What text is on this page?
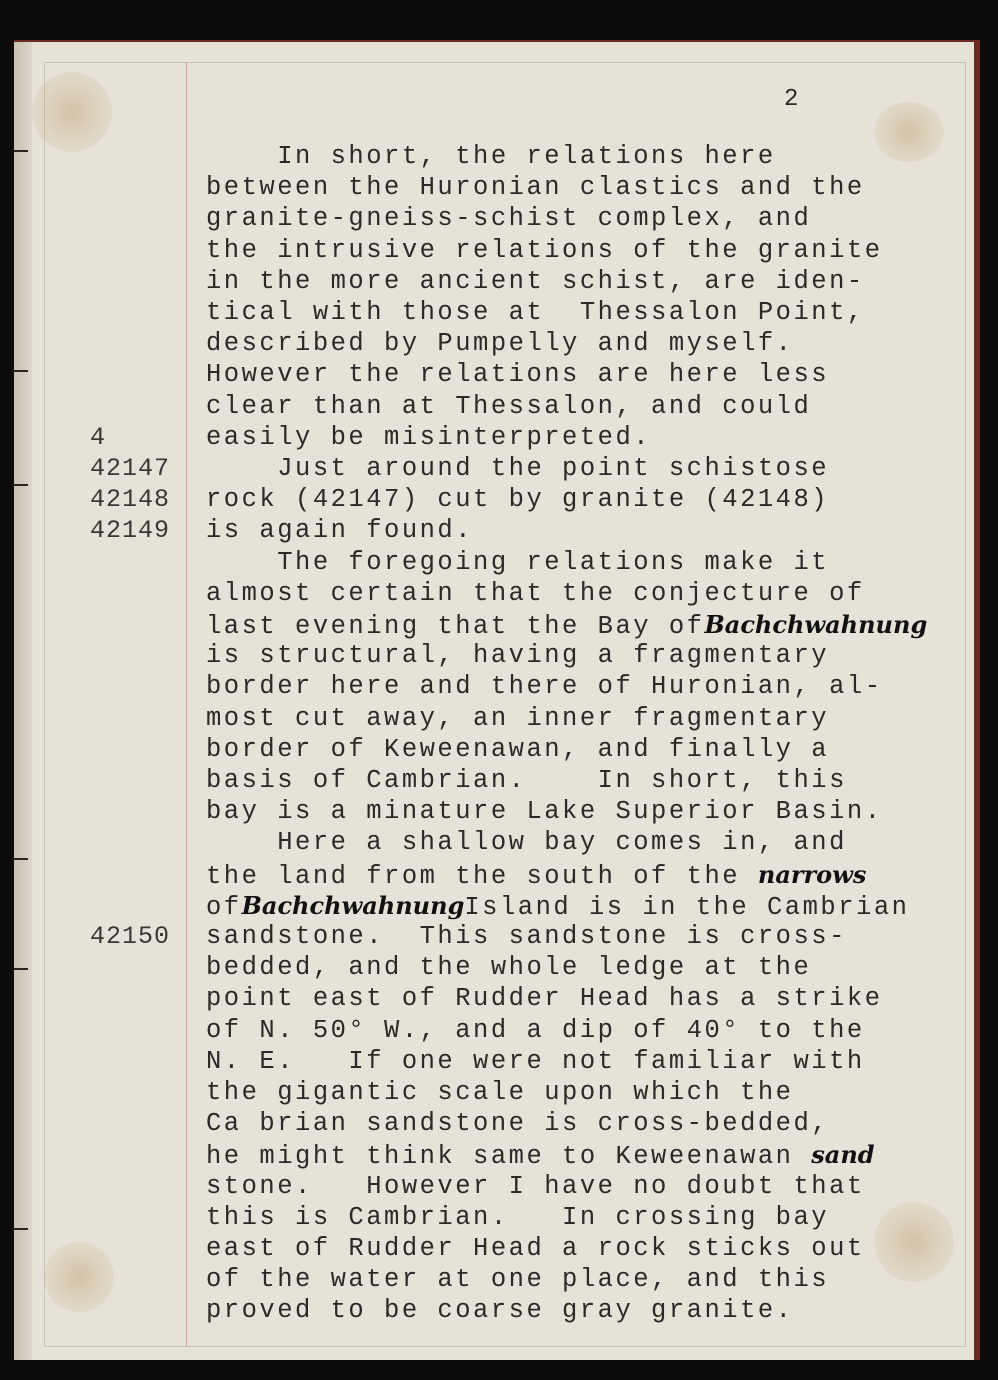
2
4
42147
42148
42149
42150
In short, the relations here
between the Huronian clastics and the
granite-gneiss-schist complex, and
the intrusive relations of the granite
in the more ancient schist, are iden-
tical with those at  Thessalon Point,
described by Pumpelly and myself.
However the relations are here less
clear than at Thessalon, and could
easily be misinterpreted.
Just around the point schistose
rock (42147) cut by granite (42148)
is again found.
The foregoing relations make it
almost certain that the conjecture of
last evening that the Bay ofBachchwahnung
is structural, having a fragmentary
border here and there of Huronian, al-
most cut away, an inner fragmentary
border of Keweenawan, and finally a
basis of Cambrian.    In short, this
bay is a minature Lake Superior Basin.
Here a shallow bay comes in, and
the land from the south of the narrows
ofBachchwahnungIsland is in the Cambrian
sandstone.  This sandstone is cross-
bedded, and the whole ledge at the
point east of Rudder Head has a strike
of N. 50° W., and a dip of 40° to the
N. E.   If one were not familiar with
the gigantic scale upon which the
Ca brian sandstone is cross-bedded,
he might think same to Keweenawan sand
stone.   However I have no doubt that
this is Cambrian.   In crossing bay
east of Rudder Head a rock sticks out
of the water at one place, and this
proved to be coarse gray granite.
